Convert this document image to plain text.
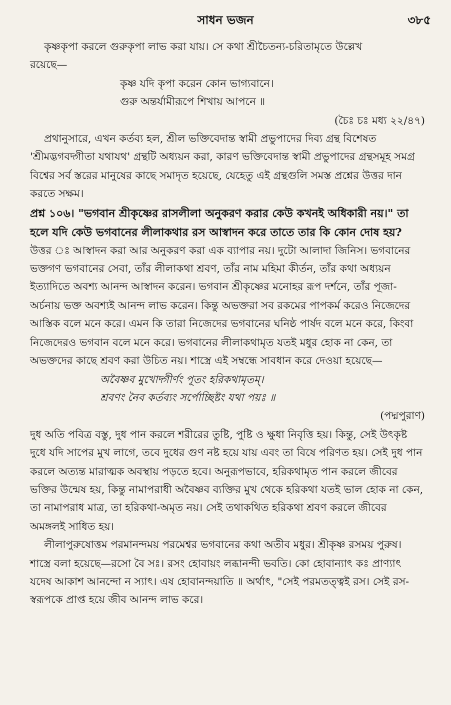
সাধন ভজন	৩৮৫

কৃষ্ণকৃপা করলে গুরুকৃপা লাভ করা যায়। সে কথা শ্রীচৈতন্য-চরিতামৃতে উল্লেখ

রয়েছে—

কৃষ্ণ যদি কৃপা করেন কোন ভাগ্যবানে।

গুরু অন্তর্যামীরূপে শিখায় আপনে ॥

(চৈঃ চঃ মধ্য ২২/৪৭)

প্রথানুসারে, এখন কর্তব্য হল, শ্রীল ভক্তিবেদান্ত স্বামী প্রভুপাদের দিব্য গ্রন্থ বিশেষত 'শ্রীমদ্ভগবদ্গীতা যথাযথ' গ্রন্থটি অধ্যয়ন করা, কারণ ভক্তিবেদান্ত স্বামী প্রভুপাদের গ্রন্থসমূহ সমগ্র বিশ্বের সর্ব স্তরের মানুষের কাছে সমাদৃত হয়েছে, যেহেতু এই গ্রন্থগুলি সমস্ত প্রশ্নের উত্তর দান করতে সক্ষম।

প্রশ্ন ১০৬। "ভগবান শ্রীকৃষ্ণের রাসলীলা অনুকরণ করার কেউ কখনই অধিকারী নয়।" তা হলে যদি কেউ ভগবানের লীলাকথার রস আস্বাদন করে তাতে তার কি কোন দোষ হয়?

উত্তর ঃ আস্বাদন করা আর অনুকরণ করা এক ব্যাপার নয়। দুটো আলাদা জিনিস। ভগবানের ভক্তগণ ভগবানের সেবা, তাঁর লীলাকথা শ্রবণ, তাঁর নাম মহিমা কীর্তন, তাঁর কথা অধ্যয়ন ইত্যাদিতে অবশ্য আনন্দ আস্বাদন করেন। ভগবান শ্রীকৃষ্ণের মনোহর রূপ দর্শনে, তাঁর পূজা-অর্চনায় ভক্ত অবশ্যই আনন্দ লাভ করেন। কিন্তু অভক্তরা সব রকমের পাপকর্ম করেও নিজেদের আস্তিক বলে মনে করে। এমন কি তারা নিজেদের ভগবানের ঘনিষ্ঠ পার্ষদ বলে মনে করে, কিংবা নিজেদেরও ভগবান বলে মনে করে। ভগবানের লীলাকথামৃত যতই মধুর হোক না কেন, তা অভক্তদের কাছে শ্রবণ করা উচিত নয়। শাস্ত্রে এই সম্বন্ধে সাবধান করে দেওয়া হয়েছে—

অবৈষ্ণব মুখোদ্গীর্ণং পূতং হরিকথামৃতম্।

শ্রবণং নৈব কর্তব্যং সর্পোচ্ছিষ্টং যথা পয়ঃ ॥

(পদ্মপুরাণ)

দুধ অতি পবিত্র বস্তু, দুধ পান করলে শরীরের তুষ্টি, পুষ্টি ও ক্ষুধা নিবৃত্তি হয়। কিন্তু, সেই উৎকৃষ্ট দুধে যদি সাপের মুখ লাগে, তবে দুধের গুণ নষ্ট হয়ে যায় এবং তা বিষে পরিণত হয়। সেই দুধ পান করলে অত্যন্ত মারাত্মক অবস্থায় পড়তে হবে। অনুরূপভাবে, হরিকথামৃত পান করলে জীবের ভক্তির উন্মেষ হয়, কিন্তু নামাপরাধী অবৈষ্ণব ব্যক্তির মুখ থেকে হরিকথা যতই ভাল হোক না কেন, তা নামাপরাধ মাত্র, তা হরিকথা-অমৃত নয়। সেই তথাকথিত হরিকথা শ্রবণ করলে জীবের অমঙ্গলই সাধিত হয়।

লীলাপুরুষোত্তম পরমানন্দময় পরমেশ্বর ভগবানের কথা অতীব মধুর। শ্রীকৃষ্ণ রসময় পুরুষ। শাস্ত্রে বলা হয়েছে—রসো বৈ সঃ। রসং হোবায়ং লব্ধানন্দী ভবতি। কো হোবান্যাৎ কঃ প্রাণ্যাৎ যদেষ আকাশ আনন্দো ন স্যাৎ। এষ হোবানন্দয়াতি ॥ অর্থাৎ, "সেই পরমতত্ত্বই রস। সেই রস-স্বরূপকে প্রাপ্ত হয়ে জীব আনন্দ লাভ করে।
